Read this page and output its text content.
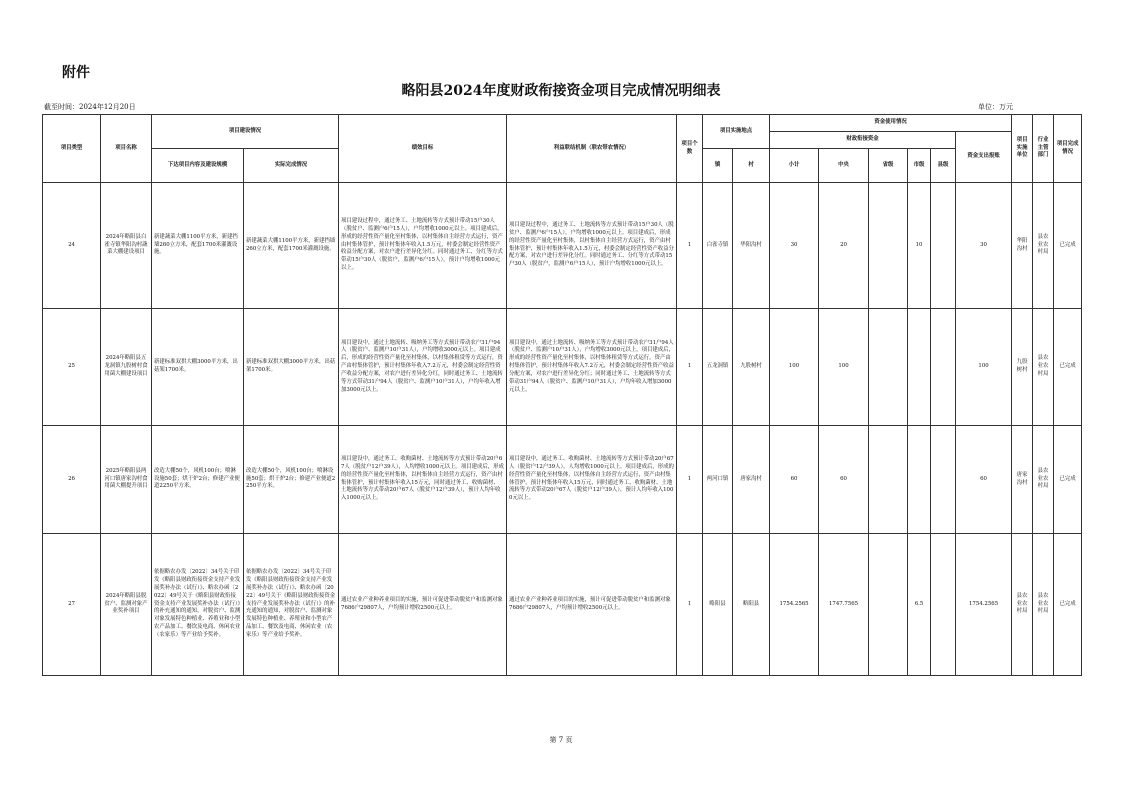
附件
略阳县2024年度财政衔接资金项目完成情况明细表
截至时间：2024年12月20日	单位：万元
项目类型	项目名称	项目建设情况		绩效目标	利益联结机制（联农带农情况）	项目个数	项目实施地点		资金使用情况						项目实施单位	行业主管部门	项目完成情况
									财政衔接资金					资金支出报账			
		下达项目内容及建设规模	实际完成情况				镇	村	小计	中央	省级	市级	县级				
24	2024年略阳县白雀寺镇华阳沟村蔬菜大棚建设项目	新建蔬菜大棚1100平方米，新建挡墙260立方米，配套1700米灌溉设施。	新建蔬菜大棚1100平方米，新建挡墙260立方米，配套1700米灌溉设施。	项目建设过程中，通过务工、土地流转等方式预计带动15户30人（脱贫户、监测户6户15人），户均增收1000元以上。项目建成后，形成的经营性资产量化至村集体，以村集体自主经营方式运行，资产由村集体管护，预计村集体年收入1.5万元，村委会制定经营性资产收益分配方案，对农户进行差异化分红。同时通过务工、分红等方式带动15户30人（脱贫户，监测户6户15人），预计户均增收1000元以上。	项目建设过程中，通过务工、土地流转等方式预计带动15户30人（脱贫户、监测户6户15人），户均增收1000元以上。项目建成后，形成的经营性资产量化至村集体，以村集体自主经营方式运行，资产由村集体管护，预计村集体年收入1.5万元，村委会制定经营性资产收益分配方案，对农户进行差异化分红。同时通过务工、分红等方式带动15户30人（脱贫户，监测户6户15人），预计户均增收1000元以上。	1	白雀寺镇	华阳沟村	30	20		10		30	华阳沟村	县农业农村局	已完成
25	2024年略阳县五龙洞镇九股树村食用菌大棚建设项目	新建标准双拱大棚3000平方米，出菇架1700米。	新建标准双拱大棚3000平方米，出菇架1700米。	项目建设中，通过土地流转、吸纳务工等方式预计带动农户31户94人（脱贫户、监测户10户31人），户均增收3000元以上。项目建成后，形成的经营性资产量化至村集体，以村集体租赁等方式运行，资产由村集体管护，预计村集体年收入7.2万元，村委会制定经营性资产收益分配方案，对农户进行差异化分红，同时通过务工、土地流转等方式带动31户94人（脱贫户、监测户10户31人），户均年收入增加3000元以上。	项目建设中，通过土地流转、吸纳务工等方式预计带动农户31户94人（脱贫户、监测户10户31人），户均增收3000元以上。项目建成后，形成的经营性资产量化至村集体，以村集体租赁等方式运行，资产由村集体管护，预计村集体年收入7.2万元，村委会制定经营性资产收益分配方案，对农户进行差异化分红；同时通过务工、土地流转等方式带动31户94人（脱贫户、监测户10户31人），户均年收入增加3000元以上。	1	五龙洞镇	九股树村	100	100				100	九股树村	县农业农村局	已完成
26	2025年略阳县两河口镇唐家沟村食用菌大棚提升项目	改造大棚50个，风机100台；喷淋设施50套；烘干炉2台；修建产业便道2250平方米。	改造大棚50个，风机100台；喷淋设施50套；烘干炉2台；修建产业便道2250平方米。	项目建设中，通过务工、收购菌材、土地流转等方式预计带动20户67人（脱贫户12户39人），人均增收1000元以上。项目建成后，形成的经营性资产量化至村集体，以村集体自主经营方式运行，资产由村集体管护，预计村集体年收入15万元，同时通过务工、收购菌材、土地流转等方式带动20户67人（脱贫户12户39人），预计人均年收入1000元以上。	项目建设中，通过务工、收购菌材、土地流转等方式预计带动20户67人（脱贫户12户39人），人均增收1000元以上。项目建成后，形成的经营性资产量化至村集体，以村集体自主经营方式运行，资产由村集体管护，预计村集体年收入15万元，同时通过务工、收购菌材、土地流转等方式带动20户67人（脱贫户12户39人），预计人均年收入1000元以上。	1	两河口镇	唐家沟村	60	60				60	唐家沟村	县农业农村局	已完成
27	2024年略阳县脱贫户、监测对象产业奖补项目	依据略农办发〔2022〕34号关于印发《略阳县财政衔接资金支持产业发展奖补办法（试行）》、略农办函〔2022〕49号关于《略阳县财政衔接资金支持产业发展奖补办法（试行）》的补充通知的通知，对脱贫户、监测对象发展特色种植业、养殖业和小型农产品加工、餐饮及电商、休闲农业（农家乐）等产业给予奖补。	依据略农办发〔2022〕34号关于印发《略阳县财政衔接资金支持产业发展奖补办法（试行）》、略农办函〔2022〕49号关于《略阳县财政衔接资金支持产业发展奖补办法（试行）》的补充通知的通知，对脱贫户、监测对象发展特色种植业、养殖业和小型农产品加工、餐饮及电商、休闲农业（农家乐）等产业给予奖补。	通过农业产业种养业项目的实施，预计可促进带动脱贫户和监测对象7686户29807人，户均预计增收2500元以上。	通过农业产业种养业项目的实施，预计可促进带动脱贫户和监测对象7686户29807人，户均预计增收2500元以上。	1	略阳县	略阳县	1754.2565	1747.7565		6.5		1754.2565	县农业农村局	县农业农村局	已完成
第 7 页
